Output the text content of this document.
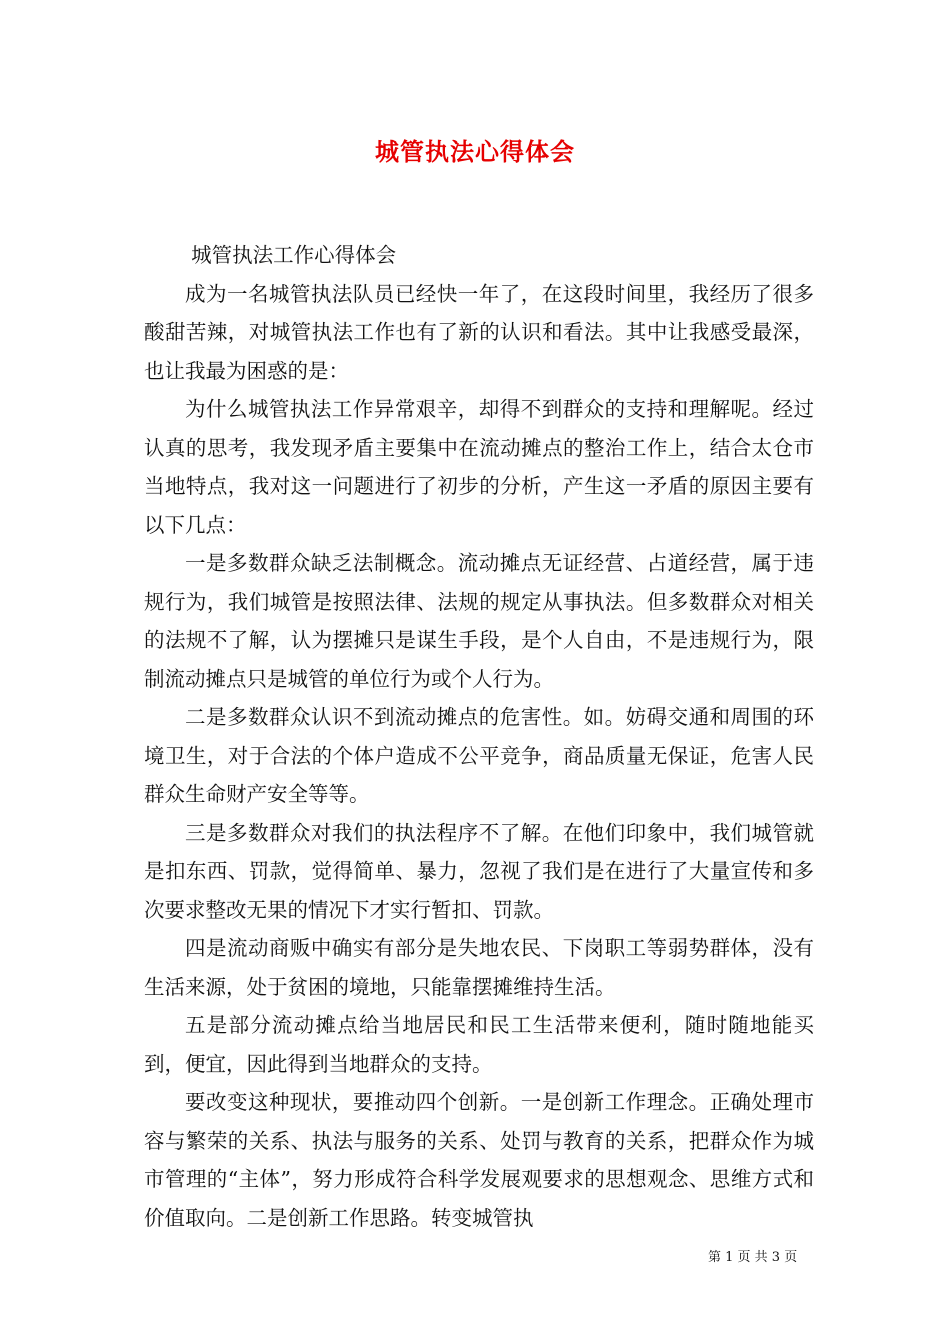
城管执法心得体会

城管执法工作心得体会

成为一名城管执法队员已经快一年了，在这段时间里，我经历了很多酸甜苦辣，对城管执法工作也有了新的认识和看法。其中让我感受最深，也让我最为困惑的是：

为什么城管执法工作异常艰辛，却得不到群众的支持和理解呢。经过认真的思考，我发现矛盾主要集中在流动摊点的整治工作上，结合太仓市当地特点，我对这一问题进行了初步的分析，产生这一矛盾的原因主要有以下几点：

一是多数群众缺乏法制概念。流动摊点无证经营、占道经营，属于违规行为，我们城管是按照法律、法规的规定从事执法。但多数群众对相关的法规不了解，认为摆摊只是谋生手段，是个人自由，不是违规行为，限制流动摊点只是城管的单位行为或个人行为。

二是多数群众认识不到流动摊点的危害性。如。妨碍交通和周围的环境卫生，对于合法的个体户造成不公平竞争，商品质量无保证，危害人民群众生命财产安全等等。

三是多数群众对我们的执法程序不了解。在他们印象中，我们城管就是扣东西、罚款，觉得简单、暴力，忽视了我们是在进行了大量宣传和多次要求整改无果的情况下才实行暂扣、罚款。

四是流动商贩中确实有部分是失地农民、下岗职工等弱势群体，没有生活来源，处于贫困的境地，只能靠摆摊维持生活。

五是部分流动摊点给当地居民和民工生活带来便利，随时随地能买到，便宜，因此得到当地群众的支持。

要改变这种现状，要推动四个创新。一是创新工作理念。正确处理市容与繁荣的关系、执法与服务的关系、处罚与教育的关系，把群众作为城市管理的“主体”，努力形成符合科学发展观要求的思想观念、思维方式和价值取向。二是创新工作思路。转变城管执

第 1 页 共 3 页
